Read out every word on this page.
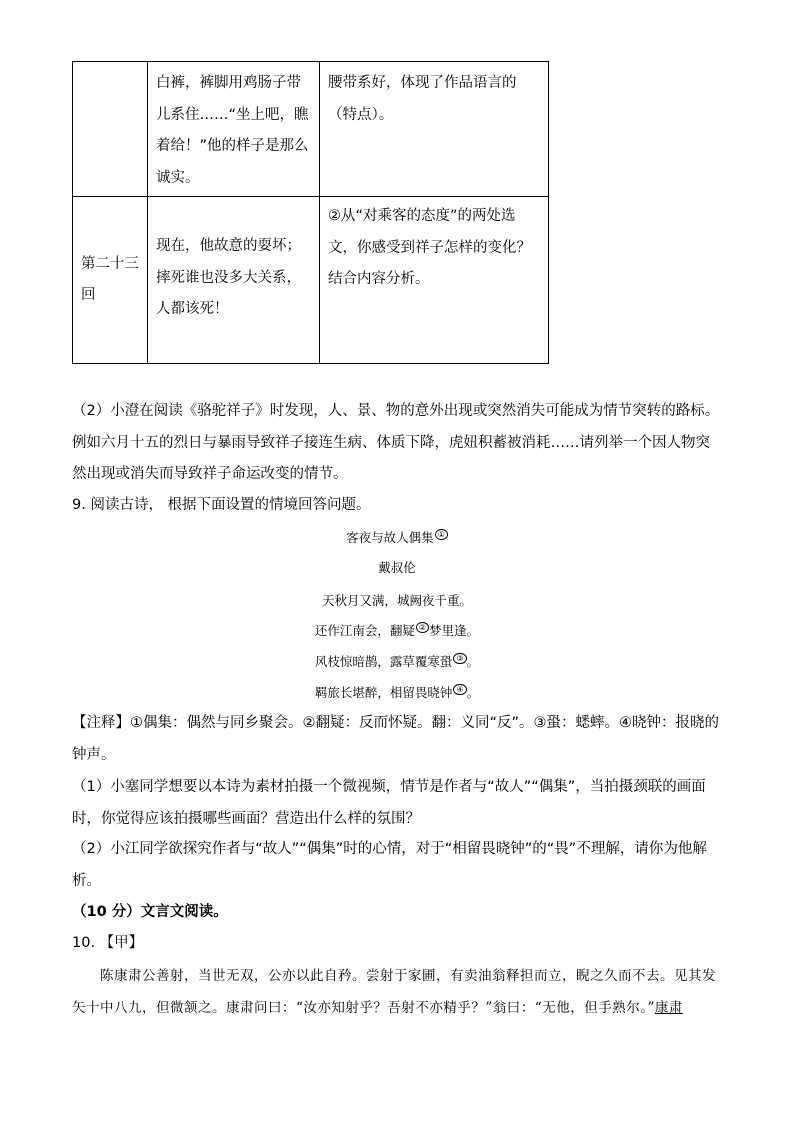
	白裤，裤脚用鸡肠子带儿系住……“坐上吧，瞧着给！”他的样子是那么诚实。	腰带系好，体现了作品语言的（特点）。
第二十三回	现在，他故意的耍坏；摔死谁也没多大关系，人都该死！	②从“对乘客的态度”的两处选文，你感受到祥子怎样的变化？结合内容分析。
（2）小澄在阅读《骆驼祥子》时发现，人、景、物的意外出现或突然消失可能成为情节突转的路标。例如六月十五的烈日与暴雨导致祥子接连生病、体质下降，虎妞积蓄被消耗……请列举一个因人物突然出现或消失而导致祥子命运改变的情节。
9. 阅读古诗， 根据下面设置的情境回答问题。
客夜与故人偶集 ①
戴叔伦
天秋月又满，城阙夜千重。
还作江南会，翻疑 ② 梦里逢。
风枝惊暗鹊，露草覆寒蛩 ③ 。
羁旅长堪醉，相留畏晓钟 ④ 。
【注释】①偶集：偶然与同乡聚会。②翻疑：反而怀疑。翻：义同“反”。③蛩：蟋蟀。④晓钟：报晓的钟声。
（1）小塞同学想要以本诗为素材拍摄一个微视频，情节是作者与“故人”“偶集”，当拍摄颈联的画面时，你觉得应该拍摄哪些画面？营造出什么样的氛围？
（2）小江同学欲探究作者与“故人”“偶集”时的心情，对于“相留畏晓钟”的“畏”不理解，请你为他解析。
（10 分）文言文阅读。
10. 【甲】
陈康肃公善射，当世无双，公亦以此自矜。尝射于家圃，有卖油翁释担而立，睨之久而不去。见其发矢十中八九，但微颔之。康肃问曰：“汝亦知射乎？吾射不亦精乎？”翁曰：“无他，但手熟尔。”康肃
